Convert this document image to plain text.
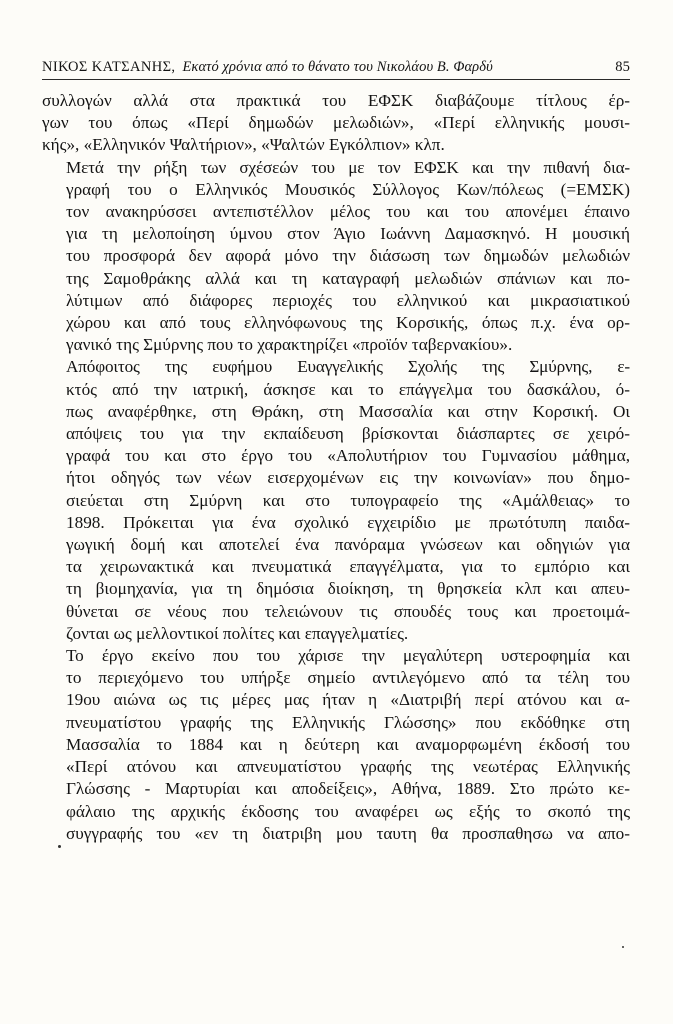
ΝΙΚΟΣ ΚΑΤΣΑΝΗΣ, Εκατό χρόνια από το θάνατο του Νικολάου Β. Φαρδύ	85

συλλογών αλλά στα πρακτικά του ΕΦΣΚ διαβάζουμε τίτλους έρ-
γων του όπως «Περί δημωδών μελωδιών», «Περί ελληνικής μουσι-
κής», «Ελληνικόν Ψαλτήριον», «Ψαλτών Εγκόλπιον» κλπ.

Μετά την ρήξη των σχέσεών του με τον ΕΦΣΚ και την πιθανή δια-
γραφή του ο Ελληνικός Μουσικός Σύλλογος Κων/πόλεως (=ΕΜΣΚ)
τον ανακηρύσσει αντεπιστέλλον μέλος του και του απονέμει έπαινο
για τη μελοποίηση ύμνου στον Άγιο Ιωάννη Δαμασκηνό. Η μουσική
του προσφορά δεν αφορά μόνο την διάσωση των δημωδών μελωδιών
της Σαμοθράκης αλλά και τη καταγραφή μελωδιών σπάνιων και πο-
λύτιμων από διάφορες περιοχές του ελληνικού και μικρασιατικού
χώρου και από τους ελληνόφωνους της Κορσικής, όπως π.χ. ένα ορ-
γανικό της Σμύρνης που το χαρακτηρίζει «προϊόν ταβερνακίου».

Απόφοιτος της ευφήμου Ευαγγελικής Σχολής της Σμύρνης, ε-
κτός από την ιατρική, άσκησε και το επάγγελμα του δασκάλου, ό-
πως αναφέρθηκε, στη Θράκη, στη Μασσαλία και στην Κορσική. Οι
απόψεις του για την εκπαίδευση βρίσκονται διάσπαρτες σε χειρό-
γραφά του και στο έργο του «Απολυτήριον του Γυμνασίου μάθημα,
ήτοι οδηγός των νέων εισερχομένων εις την κοινωνίαν» που δημο-
σιεύεται στη Σμύρνη και στο τυπογραφείο της «Αμάλθειας» το
1898. Πρόκειται για ένα σχολικό εγχειρίδιο με πρωτότυπη παιδα-
γωγική δομή και αποτελεί ένα πανόραμα γνώσεων και οδηγιών για
τα χειρωνακτικά και πνευματικά επαγγέλματα, για το εμπόριο και
τη βιομηχανία, για τη δημόσια διοίκηση, τη θρησκεία κλπ και απευ-
θύνεται σε νέους που τελειώνουν τις σπουδές τους και προετοιμά-
ζονται ως μελλοντικοί πολίτες και επαγγελματίες.

Το έργο εκείνο που του χάρισε την μεγαλύτερη υστεροφημία και
το περιεχόμενο του υπήρξε σημείο αντιλεγόμενο από τα τέλη του
19ου αιώνα ως τις μέρες μας ήταν η «Διατριβή περί ατόνου και α-
πνευματίστου γραφής της Ελληνικής Γλώσσης» που εκδόθηκε στη
Μασσαλία το 1884 και η δεύτερη και αναμορφωμένη έκδοσή του
«Περί ατόνου και απνευματίστου γραφής της νεωτέρας Ελληνικής
Γλώσσης - Μαρτυρίαι και αποδείξεις», Αθήνα, 1889. Στο πρώτο κε-
φάλαιο της αρχικής έκδοσης του αναφέρει ως εξής το σκοπό της
συγγραφής του «εν τη διατριβη μου ταυτη θα προσπαθησω να απο-
